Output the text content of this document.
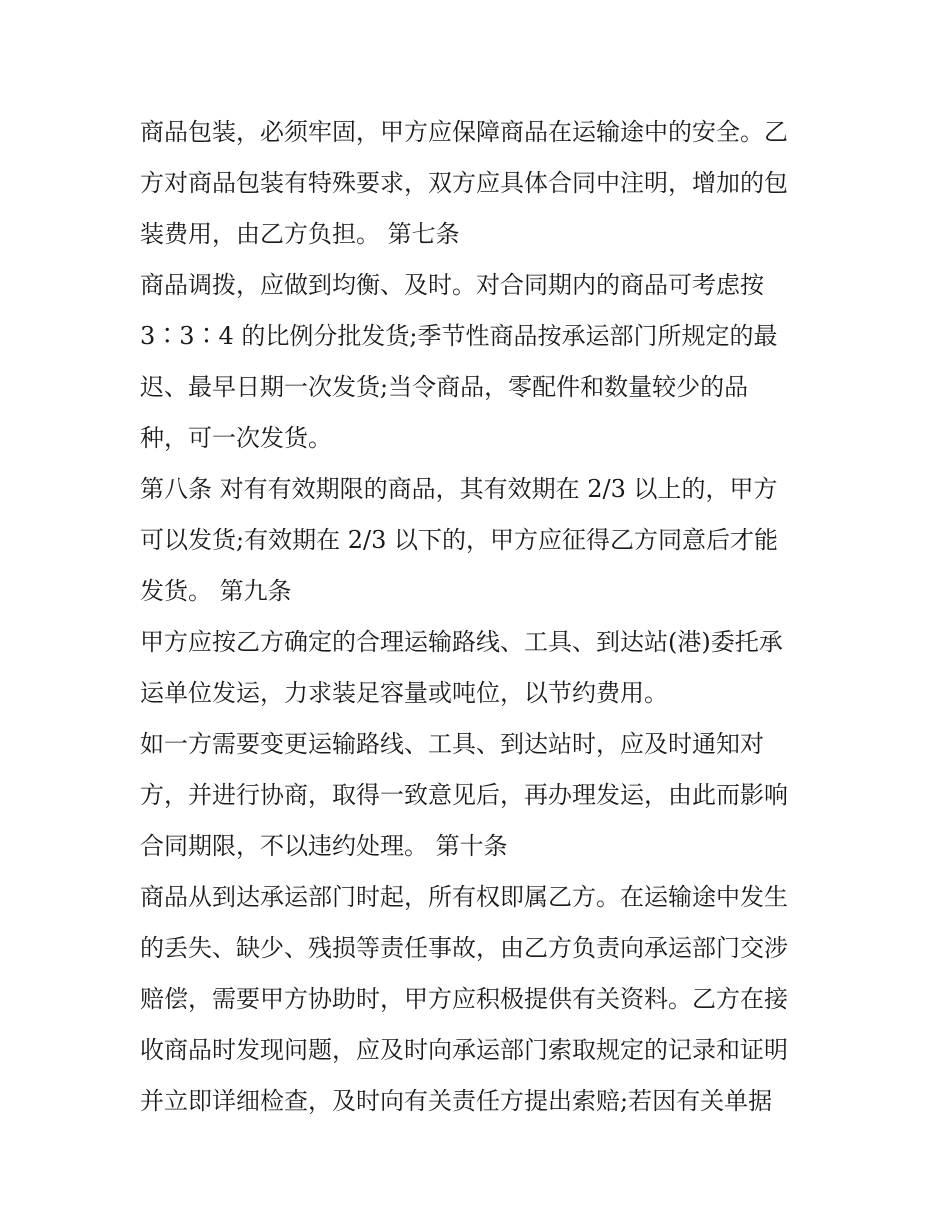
商品包装，必须牢固，甲方应保障商品在运输途中的安全。乙
方对商品包装有特殊要求，双方应具体合同中注明，增加的包
装费用，由乙方负担。 第七条
商品调拨，应做到均衡、及时。对合同期内的商品可考虑按
3∶3∶4 的比例分批发货;季节性商品按承运部门所规定的最
迟、最早日期一次发货;当令商品，零配件和数量较少的品
种，可一次发货。
第八条 对有有效期限的商品，其有效期在 2/3 以上的，甲方
可以发货;有效期在 2/3 以下的，甲方应征得乙方同意后才能
发货。 第九条
甲方应按乙方确定的合理运输路线、工具、到达站(港)委托承
运单位发运，力求装足容量或吨位，以节约费用。
如一方需要变更运输路线、工具、到达站时，应及时通知对
方，并进行协商，取得一致意见后，再办理发运，由此而影响
合同期限，不以违约处理。 第十条
商品从到达承运部门时起，所有权即属乙方。在运输途中发生
的丢失、缺少、残损等责任事故，由乙方负责向承运部门交涉
赔偿，需要甲方协助时，甲方应积极提供有关资料。乙方在接
收商品时发现问题，应及时向承运部门索取规定的记录和证明
并立即详细检查，及时向有关责任方提出索赔;若因有关单据
